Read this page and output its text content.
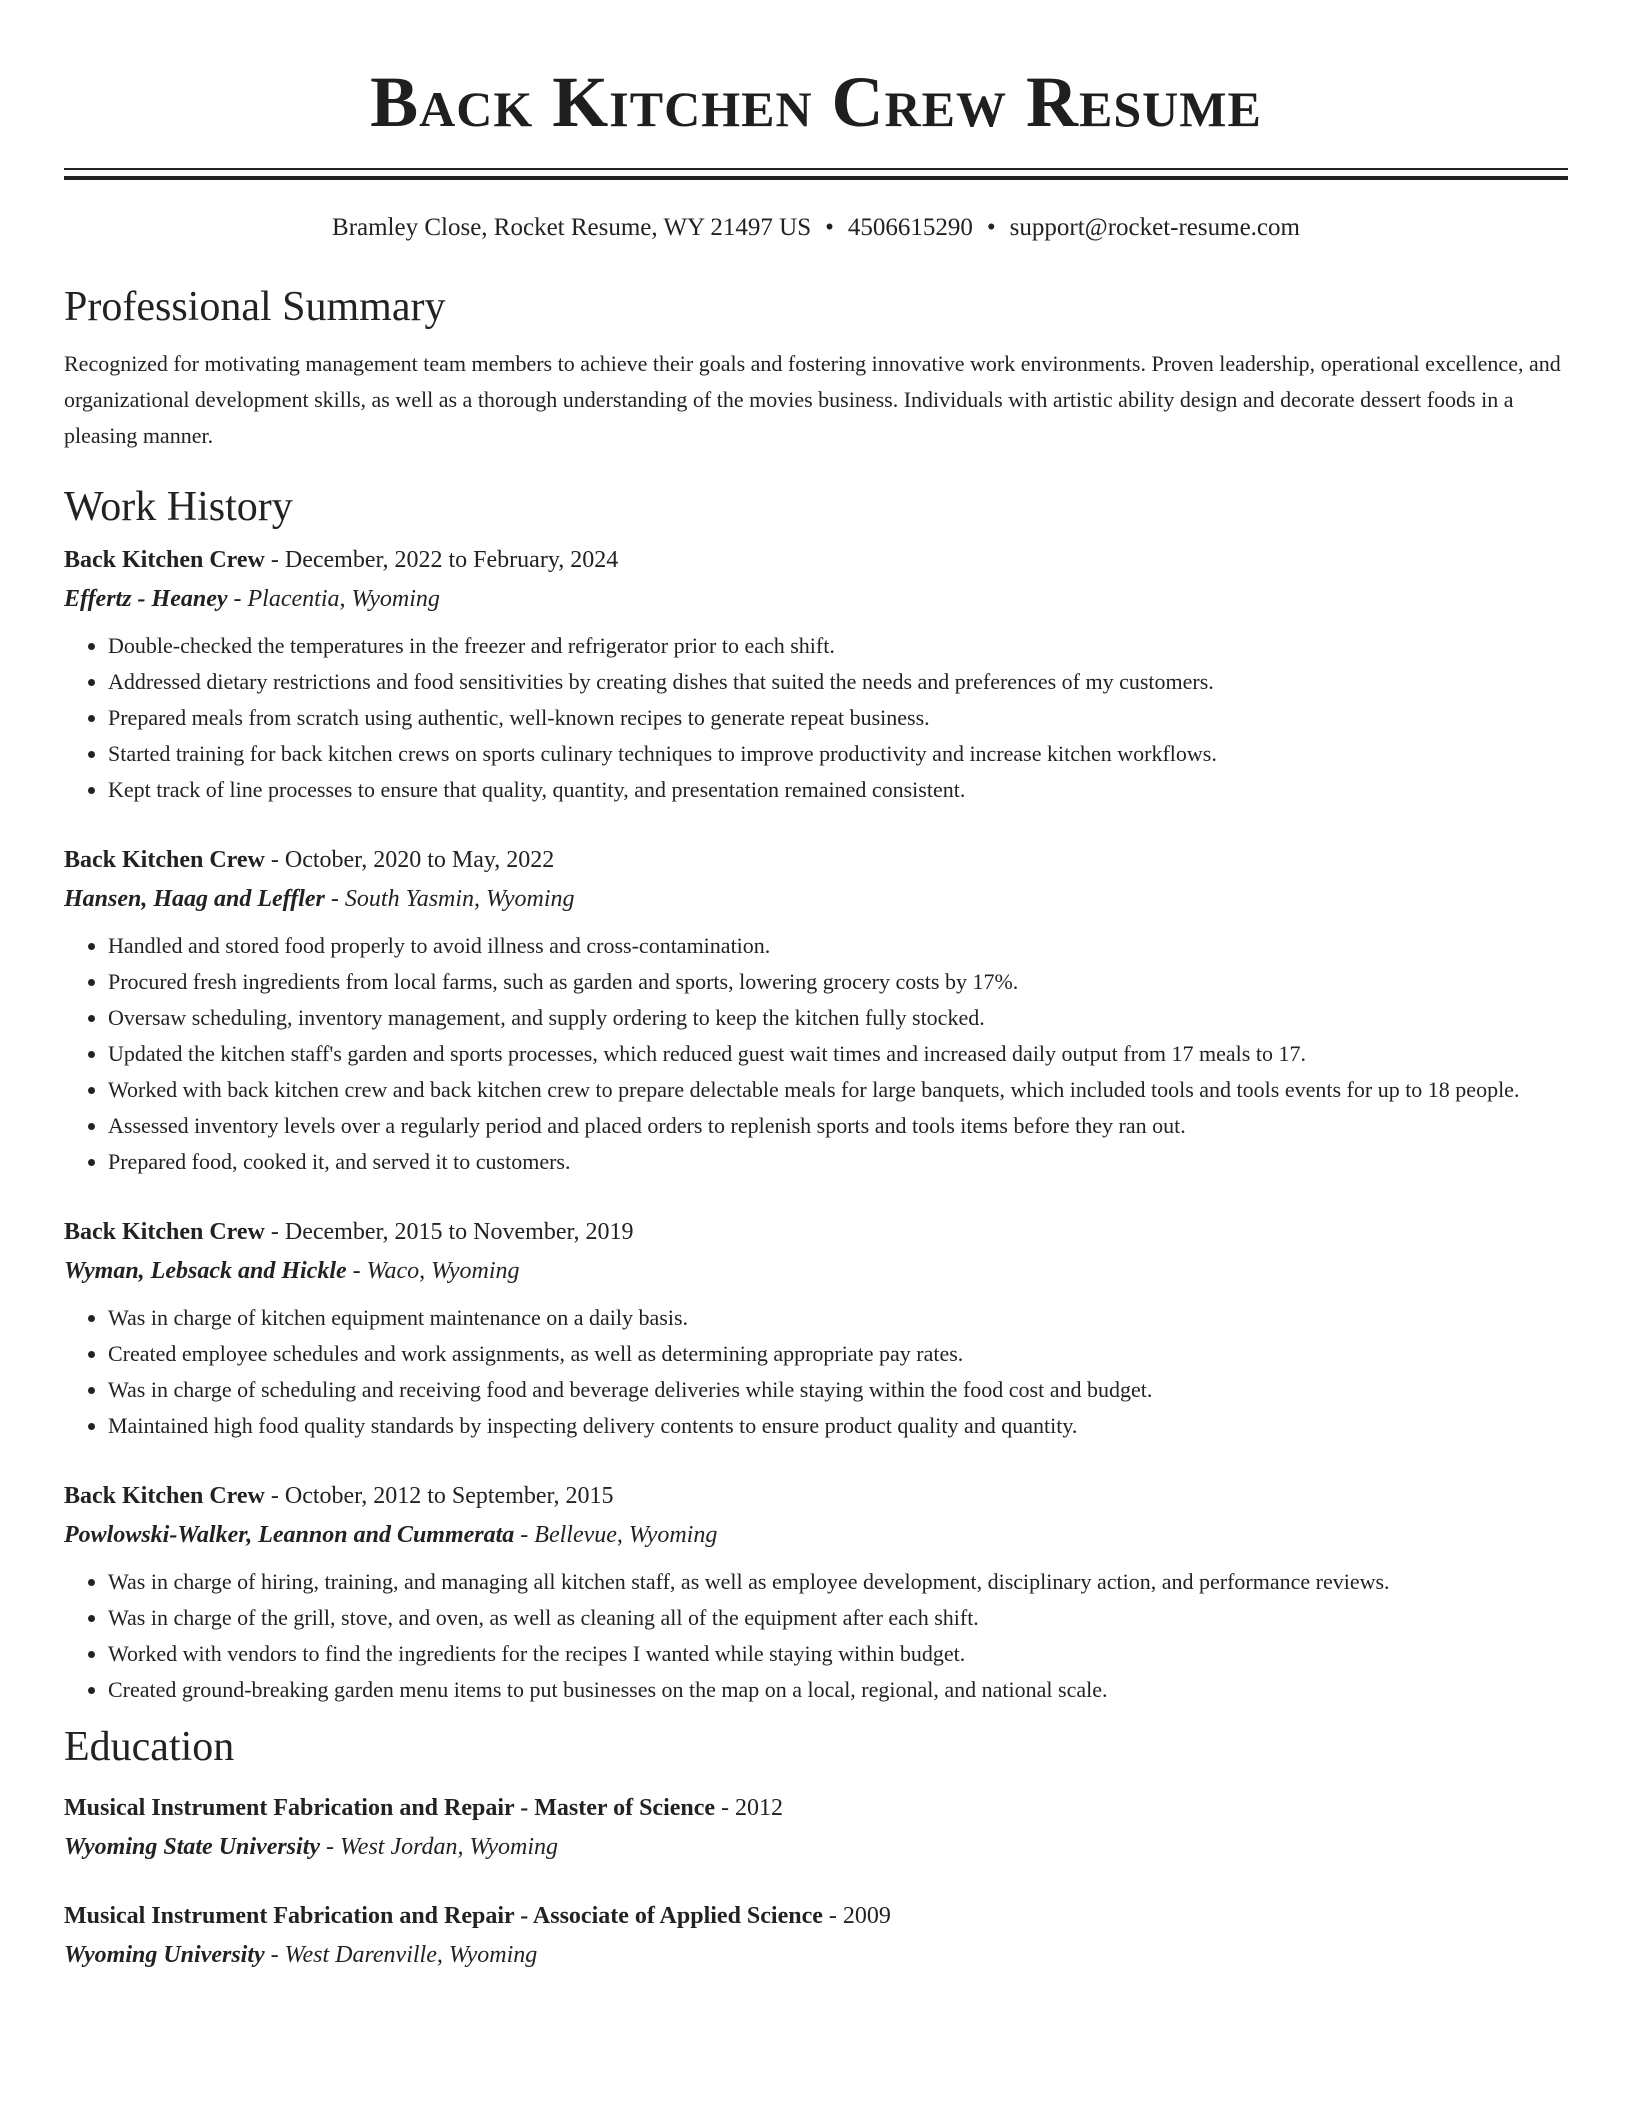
Back Kitchen Crew Resume
Bramley Close, Rocket Resume, WY 21497 US • 4506615290 • support@rocket-resume.com
Professional Summary
Recognized for motivating management team members to achieve their goals and fostering innovative work environments. Proven leadership, operational excellence, and organizational development skills, as well as a thorough understanding of the movies business. Individuals with artistic ability design and decorate dessert foods in a pleasing manner.
Work History
Back Kitchen Crew - December, 2022 to February, 2024
Effertz - Heaney - Placentia, Wyoming
• Double-checked the temperatures in the freezer and refrigerator prior to each shift.
• Addressed dietary restrictions and food sensitivities by creating dishes that suited the needs and preferences of my customers.
• Prepared meals from scratch using authentic, well-known recipes to generate repeat business.
• Started training for back kitchen crews on sports culinary techniques to improve productivity and increase kitchen workflows.
• Kept track of line processes to ensure that quality, quantity, and presentation remained consistent.
Back Kitchen Crew - October, 2020 to May, 2022
Hansen, Haag and Leffler - South Yasmin, Wyoming
• Handled and stored food properly to avoid illness and cross-contamination.
• Procured fresh ingredients from local farms, such as garden and sports, lowering grocery costs by 17%.
• Oversaw scheduling, inventory management, and supply ordering to keep the kitchen fully stocked.
• Updated the kitchen staff's garden and sports processes, which reduced guest wait times and increased daily output from 17 meals to 17.
• Worked with back kitchen crew and back kitchen crew to prepare delectable meals for large banquets, which included tools and tools events for up to 18 people.
• Assessed inventory levels over a regularly period and placed orders to replenish sports and tools items before they ran out.
• Prepared food, cooked it, and served it to customers.
Back Kitchen Crew - December, 2015 to November, 2019
Wyman, Lebsack and Hickle - Waco, Wyoming
• Was in charge of kitchen equipment maintenance on a daily basis.
• Created employee schedules and work assignments, as well as determining appropriate pay rates.
• Was in charge of scheduling and receiving food and beverage deliveries while staying within the food cost and budget.
• Maintained high food quality standards by inspecting delivery contents to ensure product quality and quantity.
Back Kitchen Crew - October, 2012 to September, 2015
Powlowski-Walker, Leannon and Cummerata - Bellevue, Wyoming
• Was in charge of hiring, training, and managing all kitchen staff, as well as employee development, disciplinary action, and performance reviews.
• Was in charge of the grill, stove, and oven, as well as cleaning all of the equipment after each shift.
• Worked with vendors to find the ingredients for the recipes I wanted while staying within budget.
• Created ground-breaking garden menu items to put businesses on the map on a local, regional, and national scale.
Education
Musical Instrument Fabrication and Repair - Master of Science - 2012
Wyoming State University - West Jordan, Wyoming
Musical Instrument Fabrication and Repair - Associate of Applied Science - 2009
Wyoming University - West Darenville, Wyoming
